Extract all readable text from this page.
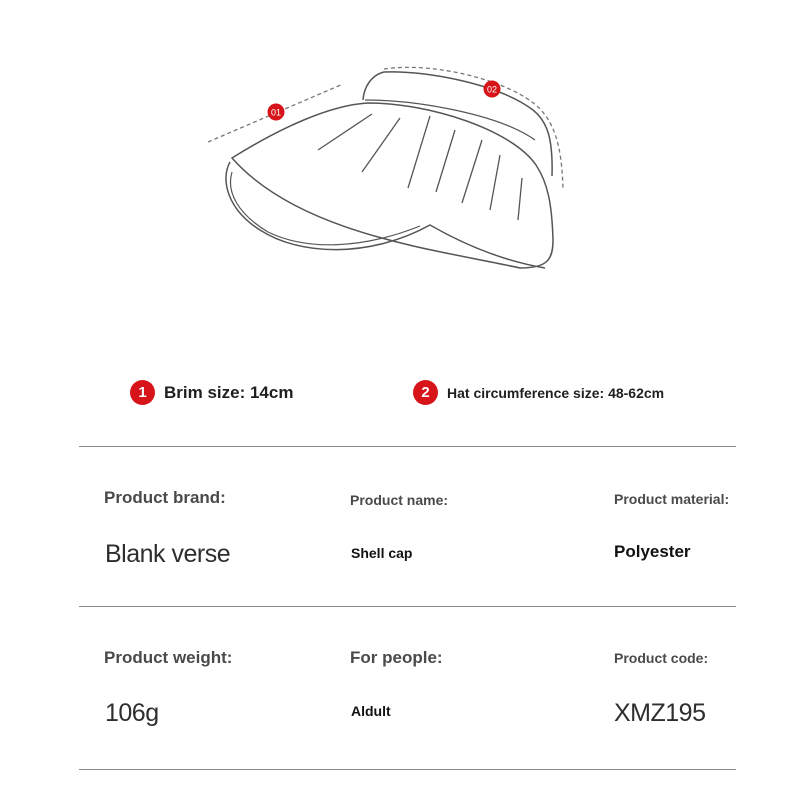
01
02
1	Brim size: 14cm	2	Hat circumference size: 48-62cm
Product brand:
Blank verse
Product name:
Shell cap
Product material:
Polyester
Product weight:
106g
For people:
Aldult
Product code:
XMZ195
